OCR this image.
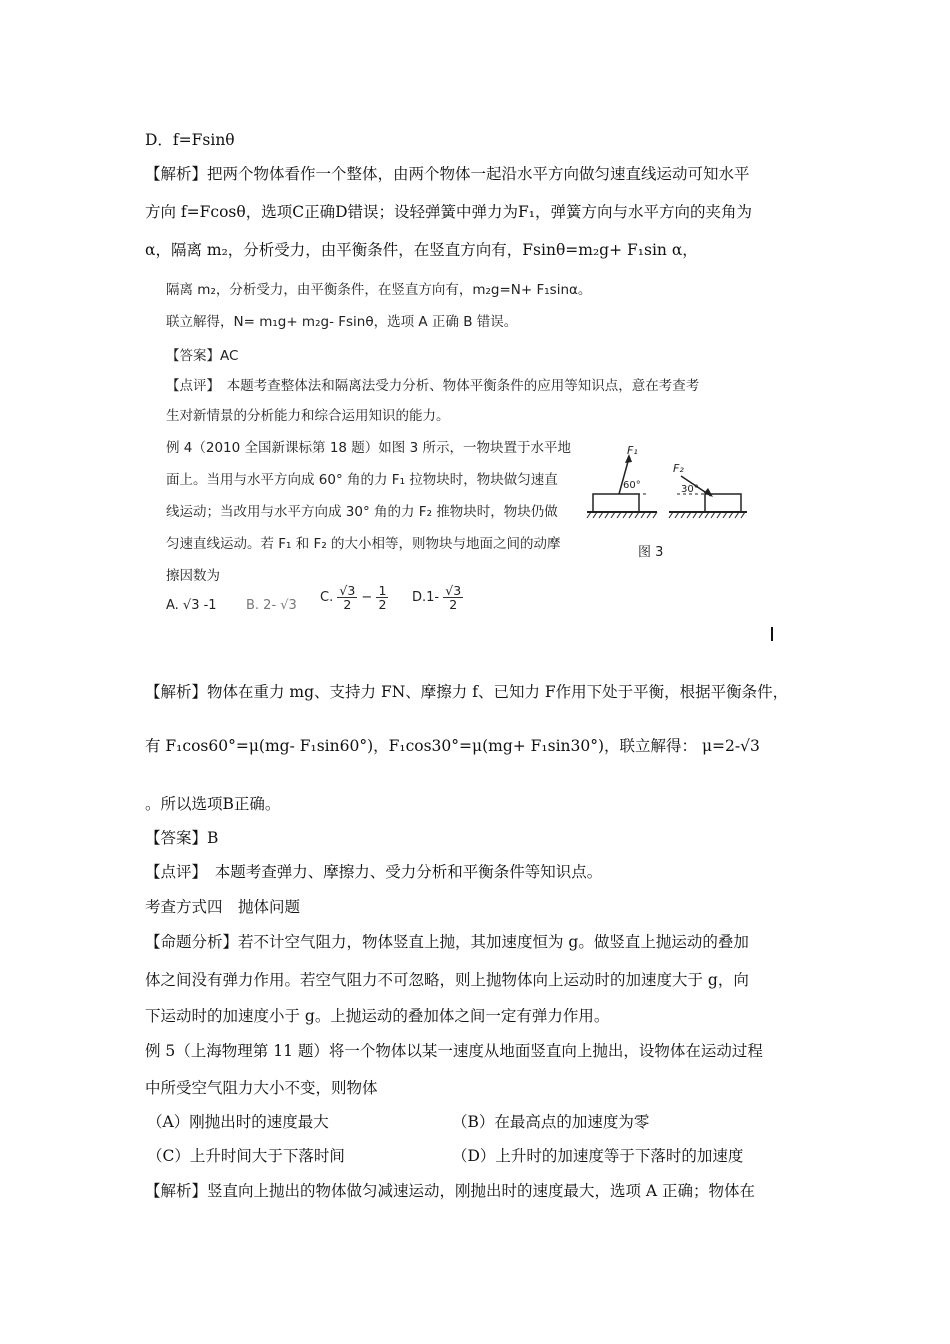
D．f=Fsinθ
【解析】把两个物体看作一个整体，由两个物体一起沿水平方向做匀速直线运动可知水平
方向 f=Fcosθ，选项C正确D错误；设轻弹簧中弹力为F₁，弹簧方向与水平方向的夹角为
α，隔离 m₂，分析受力，由平衡条件，在竖直方向有，Fsinθ=m₂g+ F₁sin α，
隔离 m₂，分析受力，由平衡条件，在竖直方向有，m₂g=N+ F₁sinα。
联立解得，N= m₁g+ m₂g- Fsinθ，选项 A 正确 B 错误。
【答案】AC
【点评】　本题考查整体法和隔离法受力分析、物体平衡条件的应用等知识点，意在考查考
生对新情景的分析能力和综合运用知识的能力。
例 4（2010 全国新课标第 18 题）如图 3 所示，一物块置于水平地
面上。当用与水平方向成 60° 角的力 F₁ 拉物块时，物块做匀速直
线运动；当改用与水平方向成 30° 角的力 F₂ 推物块时，物块仍做
匀速直线运动。若 F₁ 和 F₂ 的大小相等，则物块与地面之间的动摩
擦因数为
F₁
60°
F₂
30°
图 3
A. √3 -1 B. 2- √3
C. $\frac{√3}{2} - \frac{1}{2} D.1- \frac{√3}{2}$
【解析】物体在重力 mg、支持力 FN、摩擦力 f、已知力 F作用下处于平衡，根据平衡条件，
有 F₁cos60°=μ(mg- F₁sin60°)，F₁cos30°=μ(mg+ F₁sin30°)，联立解得： μ=2-√3
。所以选项B正确。
【答案】B
【点评】　本题考查弹力、摩擦力、受力分析和平衡条件等知识点。
考查方式四　抛体问题
【命题分析】若不计空气阻力，物体竖直上抛，其加速度恒为 g。做竖直上抛运动的叠加
体之间没有弹力作用。若空气阻力不可忽略，则上抛物体向上运动时的加速度大于 g，向
下运动时的加速度小于 g。上抛运动的叠加体之间一定有弹力作用。
例 5（上海物理第 11 题）将一个物体以某一速度从地面竖直向上抛出，设物体在运动过程
中所受空气阻力大小不变，则物体
（A）刚抛出时的速度最大	（B）在最高点的加速度为零
（C）上升时间大于下落时间	（D）上升时的加速度等于下落时的加速度
【解析】竖直向上抛出的物体做匀减速运动，刚抛出时的速度最大，选项 A 正确；物体在
